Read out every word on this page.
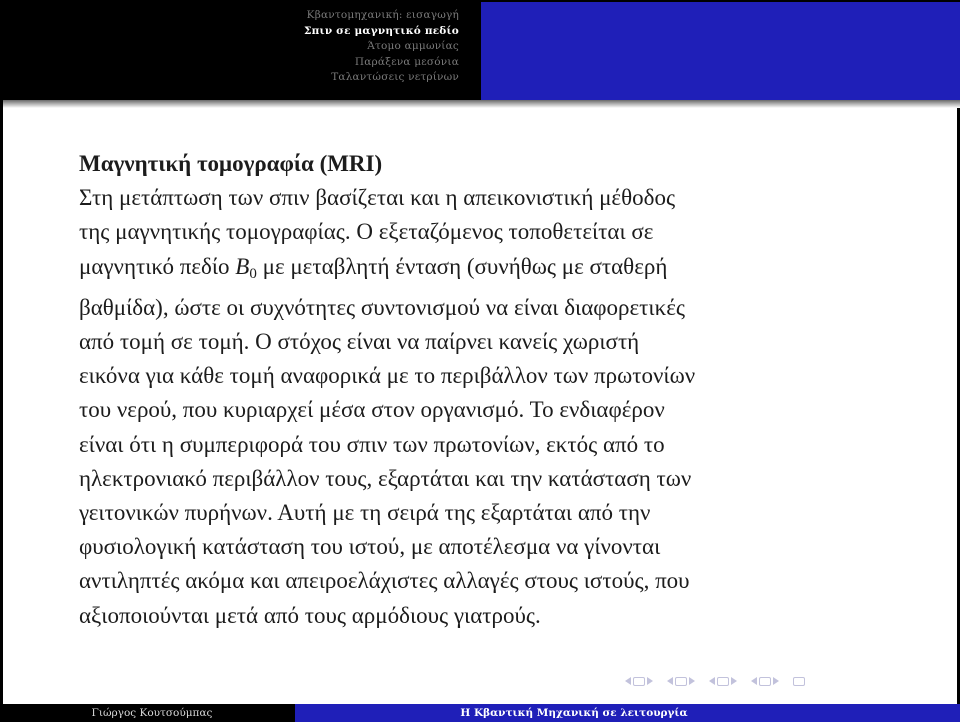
Κβαντομηχανική: εισαγωγή
Σπιν σε μαγνητικό πεδίο
Άτομο αμμωνίας
Παράξενα μεσόνια
Ταλαντώσεις νετρίνων
Μαγνητική τομογραφία (MRI)
Στη μετάπτωση των σπιν βασίζεται και η απεικονιστική μέθοδος
της μαγνητικής τομογραφίας. Ο εξεταζόμενος τοποθετείται σε
μαγνητικό πεδίο B0 με μεταβλητή ένταση (συνήθως με σταθερή
βαθμίδα), ώστε οι συχνότητες συντονισμού να είναι διαφορετικές
από τομή σε τομή. Ο στόχος είναι να παίρνει κανείς χωριστή
εικόνα για κάθε τομή αναφορικά με το περιβάλλον των πρωτονίων
του νερού, που κυριαρχεί μέσα στον οργανισμό. Το ενδιαφέρον
είναι ότι η συμπεριφορά του σπιν των πρωτονίων, εκτός από το
ηλεκτρονιακό περιβάλλον τους, εξαρτάται και την κατάσταση των
γειτονικών πυρήνων. Αυτή με τη σειρά της εξαρτάται από την
φυσιολογική κατάσταση του ιστού, με αποτέλεσμα να γίνονται
αντιληπτές ακόμα και απειροελάχιστες αλλαγές στους ιστούς, που
αξιοποιούνται μετά από τους αρμόδιους γιατρούς.
Γιώργος Κουτσούμπας	Η Κβαντική Μηχανική σε λειτουργία
